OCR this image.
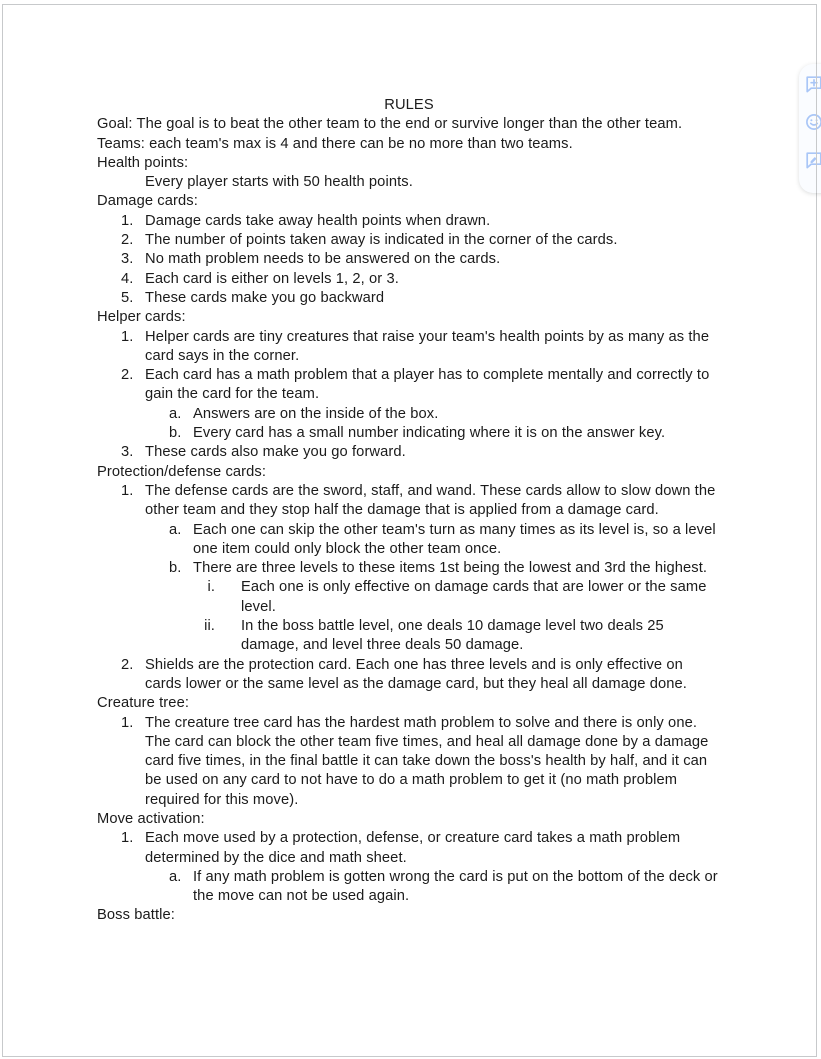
RULES
Goal: The goal is to beat the other team to the end or survive longer than the other team.
Teams: each team's max is 4 and there can be no more than two teams.
Health points:
Every player starts with 50 health points.
Damage cards:
1. Damage cards take away health points when drawn.
2. The number of points taken away is indicated in the corner of the cards.
3. No math problem needs to be answered on the cards.
4. Each card is either on levels 1, 2, or 3.
5. These cards make you go backward
Helper cards:
1. Helper cards are tiny creatures that raise your team's health points by as many as the card says in the corner.
2. Each card has a math problem that a player has to complete mentally and correctly to gain the card for the team.
a. Answers are on the inside of the box.
b. Every card has a small number indicating where it is on the answer key.
3. These cards also make you go forward.
Protection/defense cards:
1. The defense cards are the sword, staff, and wand. These cards allow to slow down the other team and they stop half the damage that is applied from a damage card.
a. Each one can skip the other team's turn as many times as its level is, so a level one item could only block the other team once.
b. There are three levels to these items 1st being the lowest and 3rd the highest.
i. Each one is only effective on damage cards that are lower or the same level.
ii. In the boss battle level, one deals 10 damage level two deals 25 damage, and level three deals 50 damage.
2. Shields are the protection card. Each one has three levels and is only effective on cards lower or the same level as the damage card, but they heal all damage done.
Creature tree:
1. The creature tree card has the hardest math problem to solve and there is only one. The card can block the other team five times, and heal all damage done by a damage card five times, in the final battle it can take down the boss's health by half, and it can be used on any card to not have to do a math problem to get it (no math problem required for this move).
Move activation:
1. Each move used by a protection, defense, or creature card takes a math problem determined by the dice and math sheet.
a. If any math problem is gotten wrong the card is put on the bottom of the deck or the move can not be used again.
Boss battle:
